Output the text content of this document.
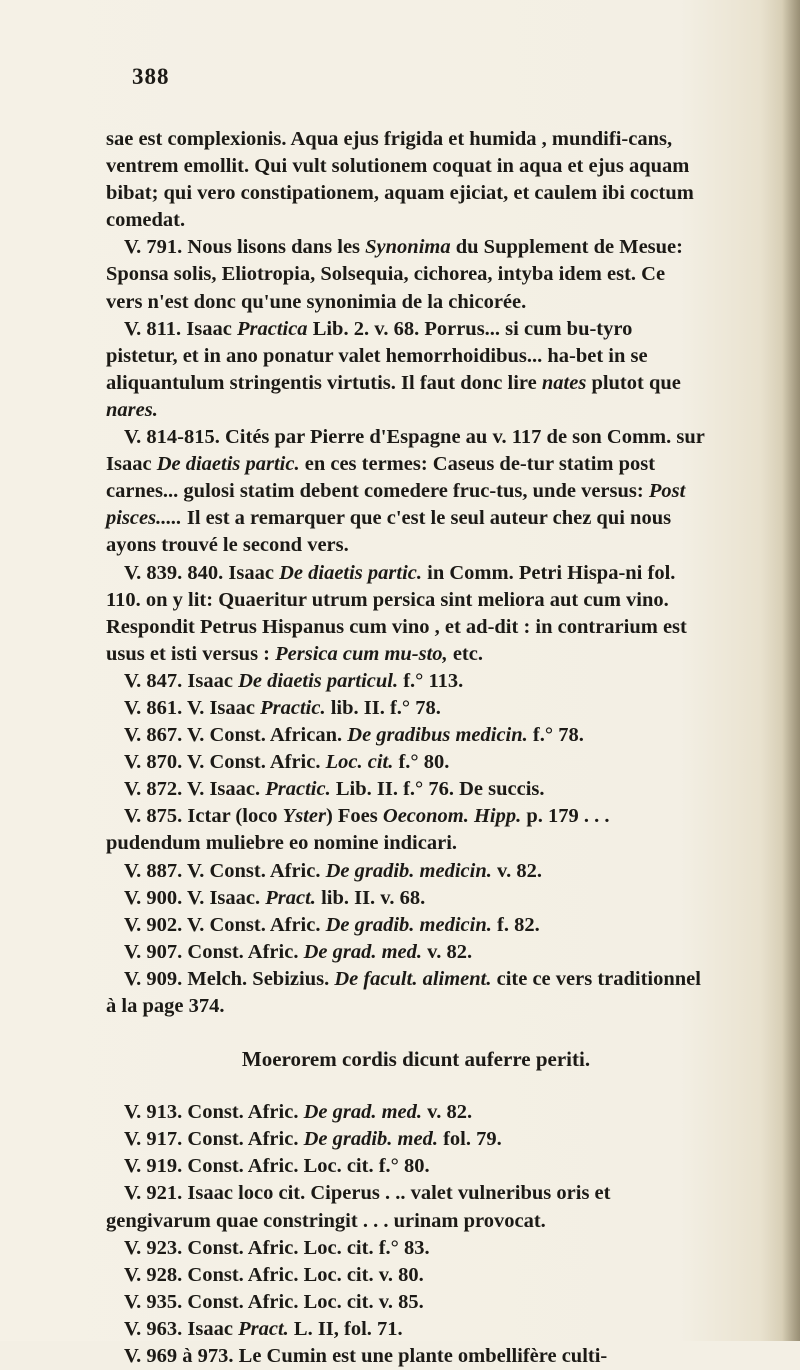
388

sae est complexionis. Aqua ejus frigida et humida , mundifi-cans, ventrem emollit. Qui vult solutionem coquat in aqua et ejus aquam bibat; qui vero constipationem, aquam ejiciat, et caulem ibi coctum comedat.

V. 791. Nous lisons dans les Synonima du Supplement de Mesue: Sponsa solis, Eliotropia, Solsequia, cichorea, intyba idem est. Ce vers n'est donc qu'une synonimia de la chicorée.

V. 811. Isaac Practica Lib. 2. v. 68. Porrus... si cum bu-tyro pistetur, et in ano ponatur valet hemorrhoidibus... ha-bet in se aliquantulum stringentis virtutis. Il faut donc lire nates plutot que nares.

V. 814-815. Cités par Pierre d'Espagne au v. 117 de son Comm. sur Isaac De diaetis partic. en ces termes: Caseus de-tur statim post carnes... gulosi statim debent comedere fruc-tus, unde versus: Post pisces..... Il est a remarquer que c'est le seul auteur chez qui nous ayons trouvé le second vers.

V. 839. 840. Isaac De diaetis partic. in Comm. Petri Hispa-ni fol. 110. on y lit: Quaeritur utrum persica sint meliora aut cum vino. Respondit Petrus Hispanus cum vino , et ad-dit : in contrarium est usus et isti versus : Persica cum mu-sto, etc.

V. 847. Isaac De diaetis particul. f.° 113.

V. 861. V. Isaac Practic. lib. II. f.° 78.

V. 867. V. Const. African. De gradibus medicin. f.° 78.

V. 870. V. Const. Afric. Loc. cit. f.° 80.

V. 872. V. Isaac. Practic. Lib. II. f.° 76. De succis.

V. 875. Ictar (loco Yster) Foes Oeconom. Hipp. p. 179 . . . pudendum muliebre eo nomine indicari.

V. 887. V. Const. Afric. De gradib. medicin. v. 82.

V. 900. V. Isaac. Pract. lib. II. v. 68.

V. 902. V. Const. Afric. De gradib. medicin. f. 82.

V. 907. Const. Afric. De grad. med. v. 82.

V. 909. Melch. Sebizius. De facult. aliment. cite ce vers traditionnel à la page 374.

Moerorem cordis dicunt auferre periti.

V. 913. Const. Afric. De grad. med. v. 82.

V. 917. Const. Afric. De gradib. med. fol. 79.

V. 919. Const. Afric. Loc. cit. f.° 80.

V. 921. Isaac loco cit. Ciperus . .. valet vulneribus oris et gengivarum quae constringit . . . urinam provocat.

V. 923. Const. Afric. Loc. cit. f.° 83.

V. 928. Const. Afric. Loc. cit. v. 80.

V. 935. Const. Afric. Loc. cit. v. 85.

V. 963. Isaac Pract. L. II, fol. 71.

V. 969 à 973. Le Cumin est une plante ombellifère culti-
